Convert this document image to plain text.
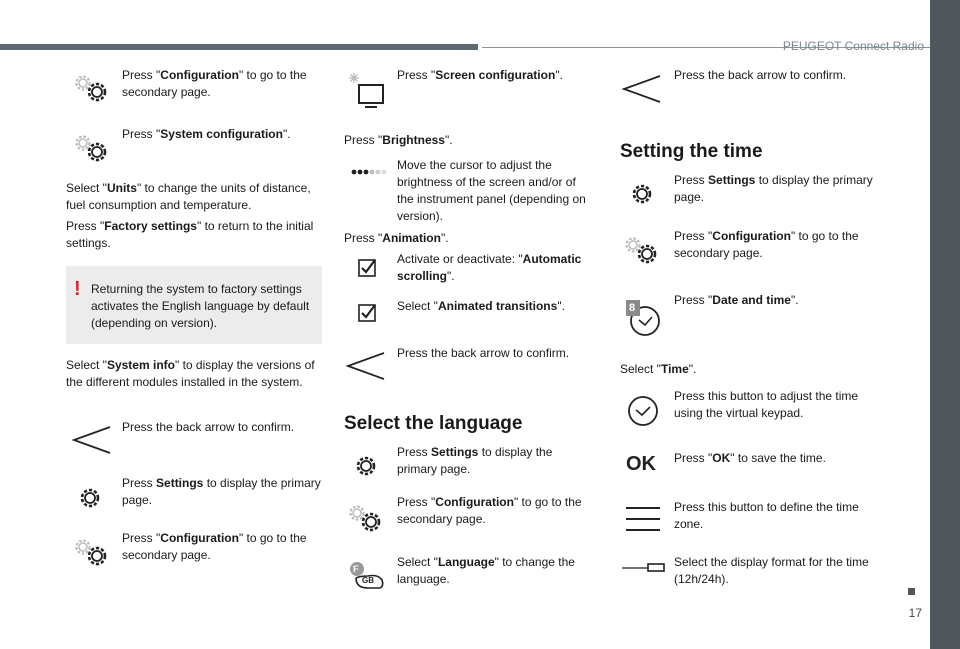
PEUGEOT Connect Radio
17
Press "Configuration" to go to the secondary page.
Press "System configuration".
Select "Units" to change the units of distance, fuel consumption and temperature.
Press "Factory settings" to return to the initial settings.
! Returning the system to factory settings activates the English language by default (depending on version).
Select "System info" to display the versions of the different modules installed in the system.
Press the back arrow to confirm.
Press Settings to display the primary page.
Press "Configuration" to go to the secondary page.
Press "Screen configuration".
Press "Brightness".
Move the cursor to adjust the brightness of the screen and/or of the instrument panel (depending on version).
Press "Animation".
Activate or deactivate: "Automatic scrolling".
Select "Animated transitions".
Press the back arrow to confirm.
Select the language
Press Settings to display the primary page.
Press "Configuration" to go to the secondary page.
F
GB
Select "Language" to change the language.
Press the back arrow to confirm.
Setting the time
Press Settings to display the primary page.
Press "Configuration" to go to the secondary page.
8
Press "Date and time".
Select "Time".
Press this button to adjust the time using the virtual keypad.
OK Press "OK" to save the time.
Press this button to define the time zone.
Select the display format for the time (12h/24h).
